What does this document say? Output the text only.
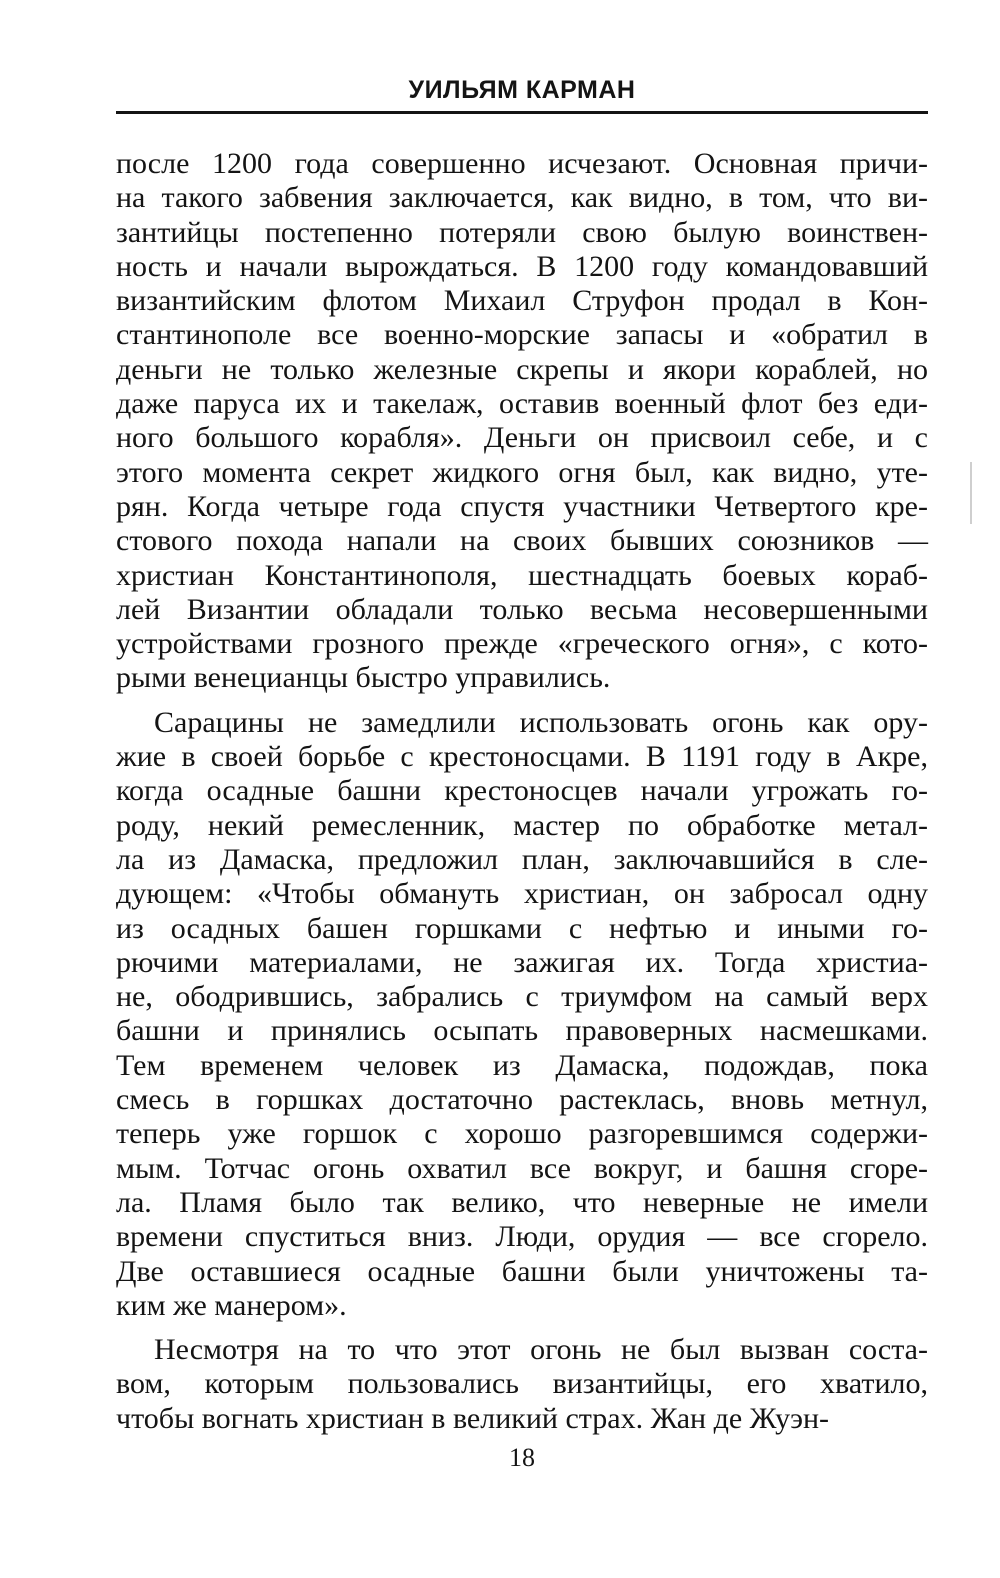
УИЛЬЯМ КАРМАН
после 1200 года совершенно исчезают. Основная причи-
на такого забвения заключается, как видно, в том, что ви-
зантийцы постепенно потеряли свою былую воинствен-
ность и начали вырождаться. В 1200 году командовавший
византийским флотом Михаил Струфон продал в Кон-
стантинополе все военно-морские запасы и «обратил в
деньги не только железные скрепы и якори кораблей, но
даже паруса их и такелаж, оставив военный флот без еди-
ного большого корабля». Деньги он присвоил себе, и с
этого момента секрет жидкого огня был, как видно, уте-
рян. Когда четыре года спустя участники Четвертого кре-
стового похода напали на своих бывших союзников —
христиан Константинополя, шестнадцать боевых кораб-
лей Византии обладали только весьма несовершенными
устройствами грозного прежде «греческого огня», с кото-
рыми венецианцы быстро управились.
Сарацины не замедлили использовать огонь как ору-
жие в своей борьбе с крестоносцами. В 1191 году в Акре,
когда осадные башни крестоносцев начали угрожать го-
роду, некий ремесленник, мастер по обработке метал-
ла из Дамаска, предложил план, заключавшийся в сле-
дующем: «Чтобы обмануть христиан, он забросал одну
из осадных башен горшками с нефтью и иными го-
рючими материалами, не зажигая их. Тогда христиа-
не, ободрившись, забрались с триумфом на самый верх
башни и принялись осыпать правоверных насмешками.
Тем временем человек из Дамаска, подождав, пока
смесь в горшках достаточно растеклась, вновь метнул,
теперь уже горшок с хорошо разгоревшимся содержи-
мым. Тотчас огонь охватил все вокруг, и башня сгоре-
ла. Пламя было так велико, что неверные не имели
времени спуститься вниз. Люди, орудия — все сгорело.
Две оставшиеся осадные башни были уничтожены та-
ким же манером».
Несмотря на то что этот огонь не был вызван соста-
вом, которым пользовались византийцы, его хватило,
чтобы вогнать христиан в великий страх. Жан де Жуэн-
18
